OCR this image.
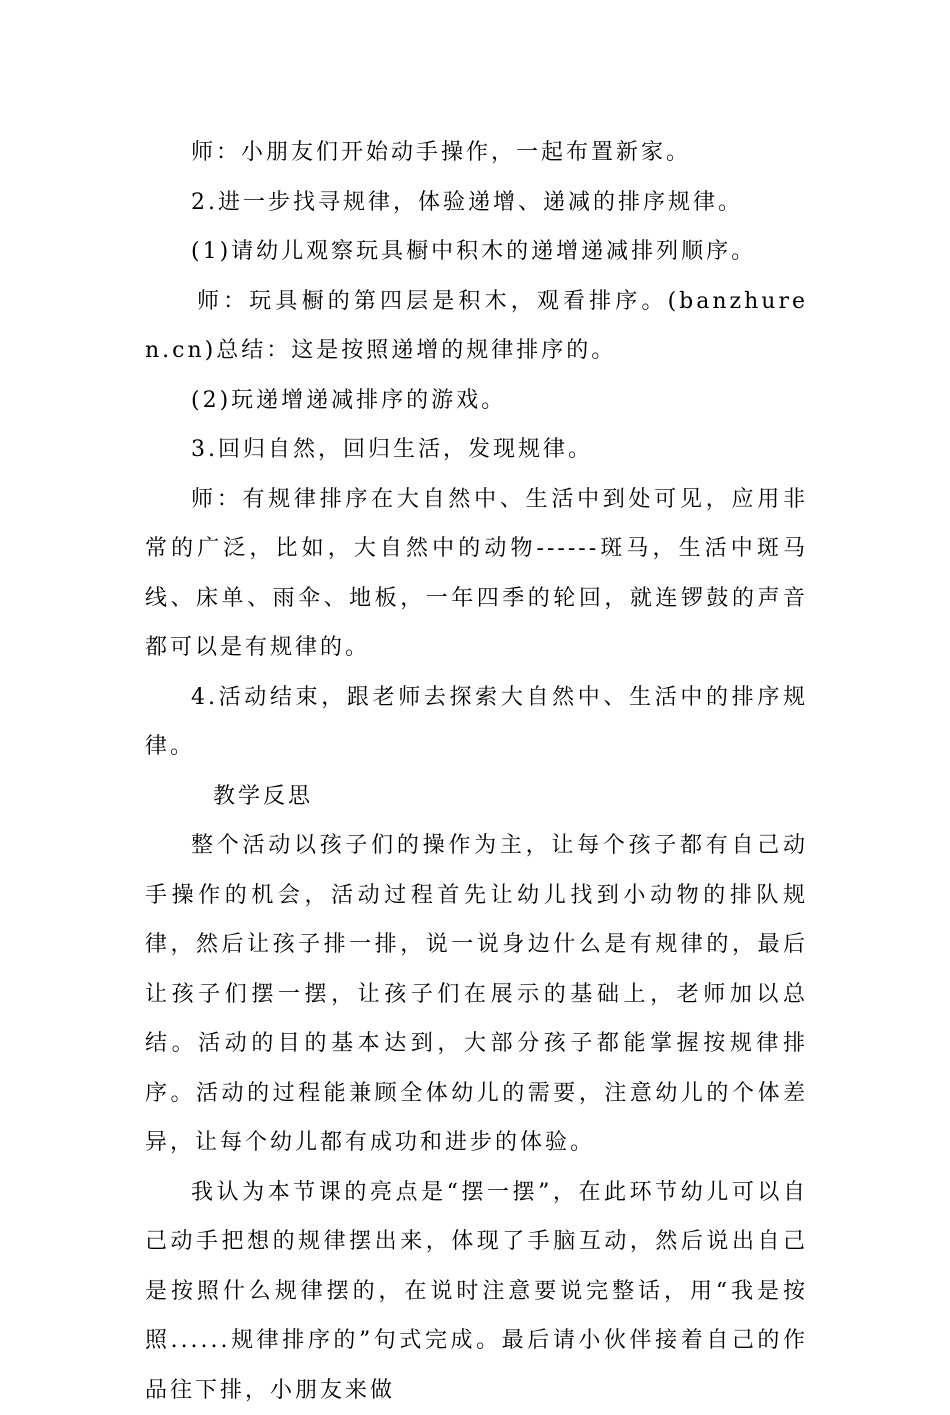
师：小朋友们开始动手操作，一起布置新家。

2.进一步找寻规律，体验递增、递减的排序规律。

(1)请幼儿观察玩具橱中积木的递增递减排列顺序。

师：玩具橱的第四层是积木，观看排序。(banzhuren.cn)总结：这是按照递增的规律排序的。

(2)玩递增递减排序的游戏。

3.回归自然，回归生活，发现规律。

师：有规律排序在大自然中、生活中到处可见，应用非常的广泛，比如，大自然中的动物------斑马，生活中斑马线、床单、雨伞、地板，一年四季的轮回，就连锣鼓的声音都可以是有规律的。

4.活动结束，跟老师去探索大自然中、生活中的排序规律。

教学反思

整个活动以孩子们的操作为主，让每个孩子都有自己动手操作的机会，活动过程首先让幼儿找到小动物的排队规律，然后让孩子排一排，说一说身边什么是有规律的，最后让孩子们摆一摆，让孩子们在展示的基础上，老师加以总结。活动的目的基本达到，大部分孩子都能掌握按规律排序。活动的过程能兼顾全体幼儿的需要，注意幼儿的个体差异，让每个幼儿都有成功和进步的体验。

我认为本节课的亮点是“摆一摆”，在此环节幼儿可以自己动手把想的规律摆出来，体现了手脑互动，然后说出自己是按照什么规律摆的，在说时注意要说完整话，用“我是按照......规律排序的”句式完成。最后请小伙伴接着自己的作品往下排，小朋友来做
